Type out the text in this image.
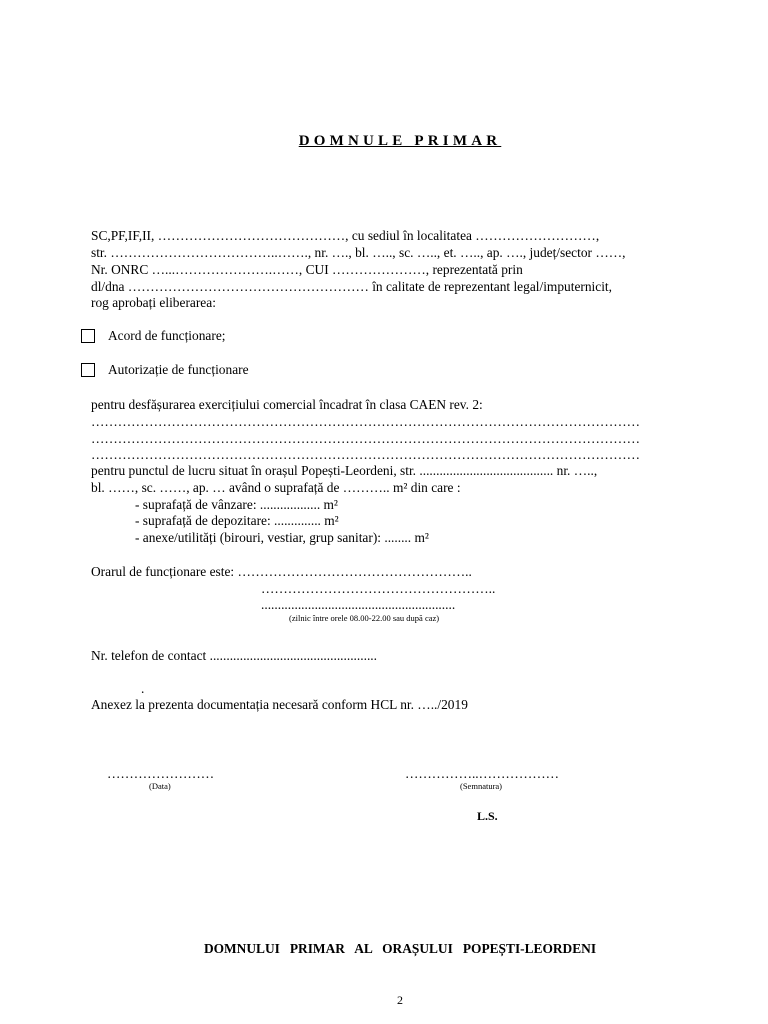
DOMNULE PRIMAR
SC,PF,IF,II, ……………………………………, cu sediul în localitatea ………………………,
str. ………………………………..……., nr. …., bl. ….., sc. ….., et. ….., ap. …., județ/sector ……,
Nr. ONRC …...………………….……, CUI …………………, reprezentată prin
dl/dna ……………………………………………… în calitate de reprezentant legal/imputernicit,
rog aprobați eliberarea:
Acord de funcționare;
Autorizație de funcționare
pentru desfășurarea exercițiului comercial încadrat în clasa CAEN rev. 2:
……………………………………………………………………………………………………………
……………………………………………………………………………………………………………
……………………………………………………………………………………………………………
pentru punctul de lucru situat în orașul Popești-Leordeni, str. ........................................ nr. …..,
bl. ……, sc. ……, ap. … având o suprafață de ……….. m² din care :
- suprafață de vânzare: .................. m²
- suprafață de depozitare: .............. m²
- anexe/utilități (birouri, vestiar, grup sanitar): ........ m²
Orarul de funcționare este: ……………………………………………..
……………………………………………..
..........................................................
(zilnic între orele 08.00-22.00 sau după caz)
Nr. telefon de contact ..................................................
.
Anexez la prezenta documentația necesară conform HCL nr. …../2019
……………………
(Data)
……………..………………
(Semnatura)
L.S.
DOMNULUI   PRIMAR   AL   ORAȘULUI   POPEȘTI-LEORDENI
2
